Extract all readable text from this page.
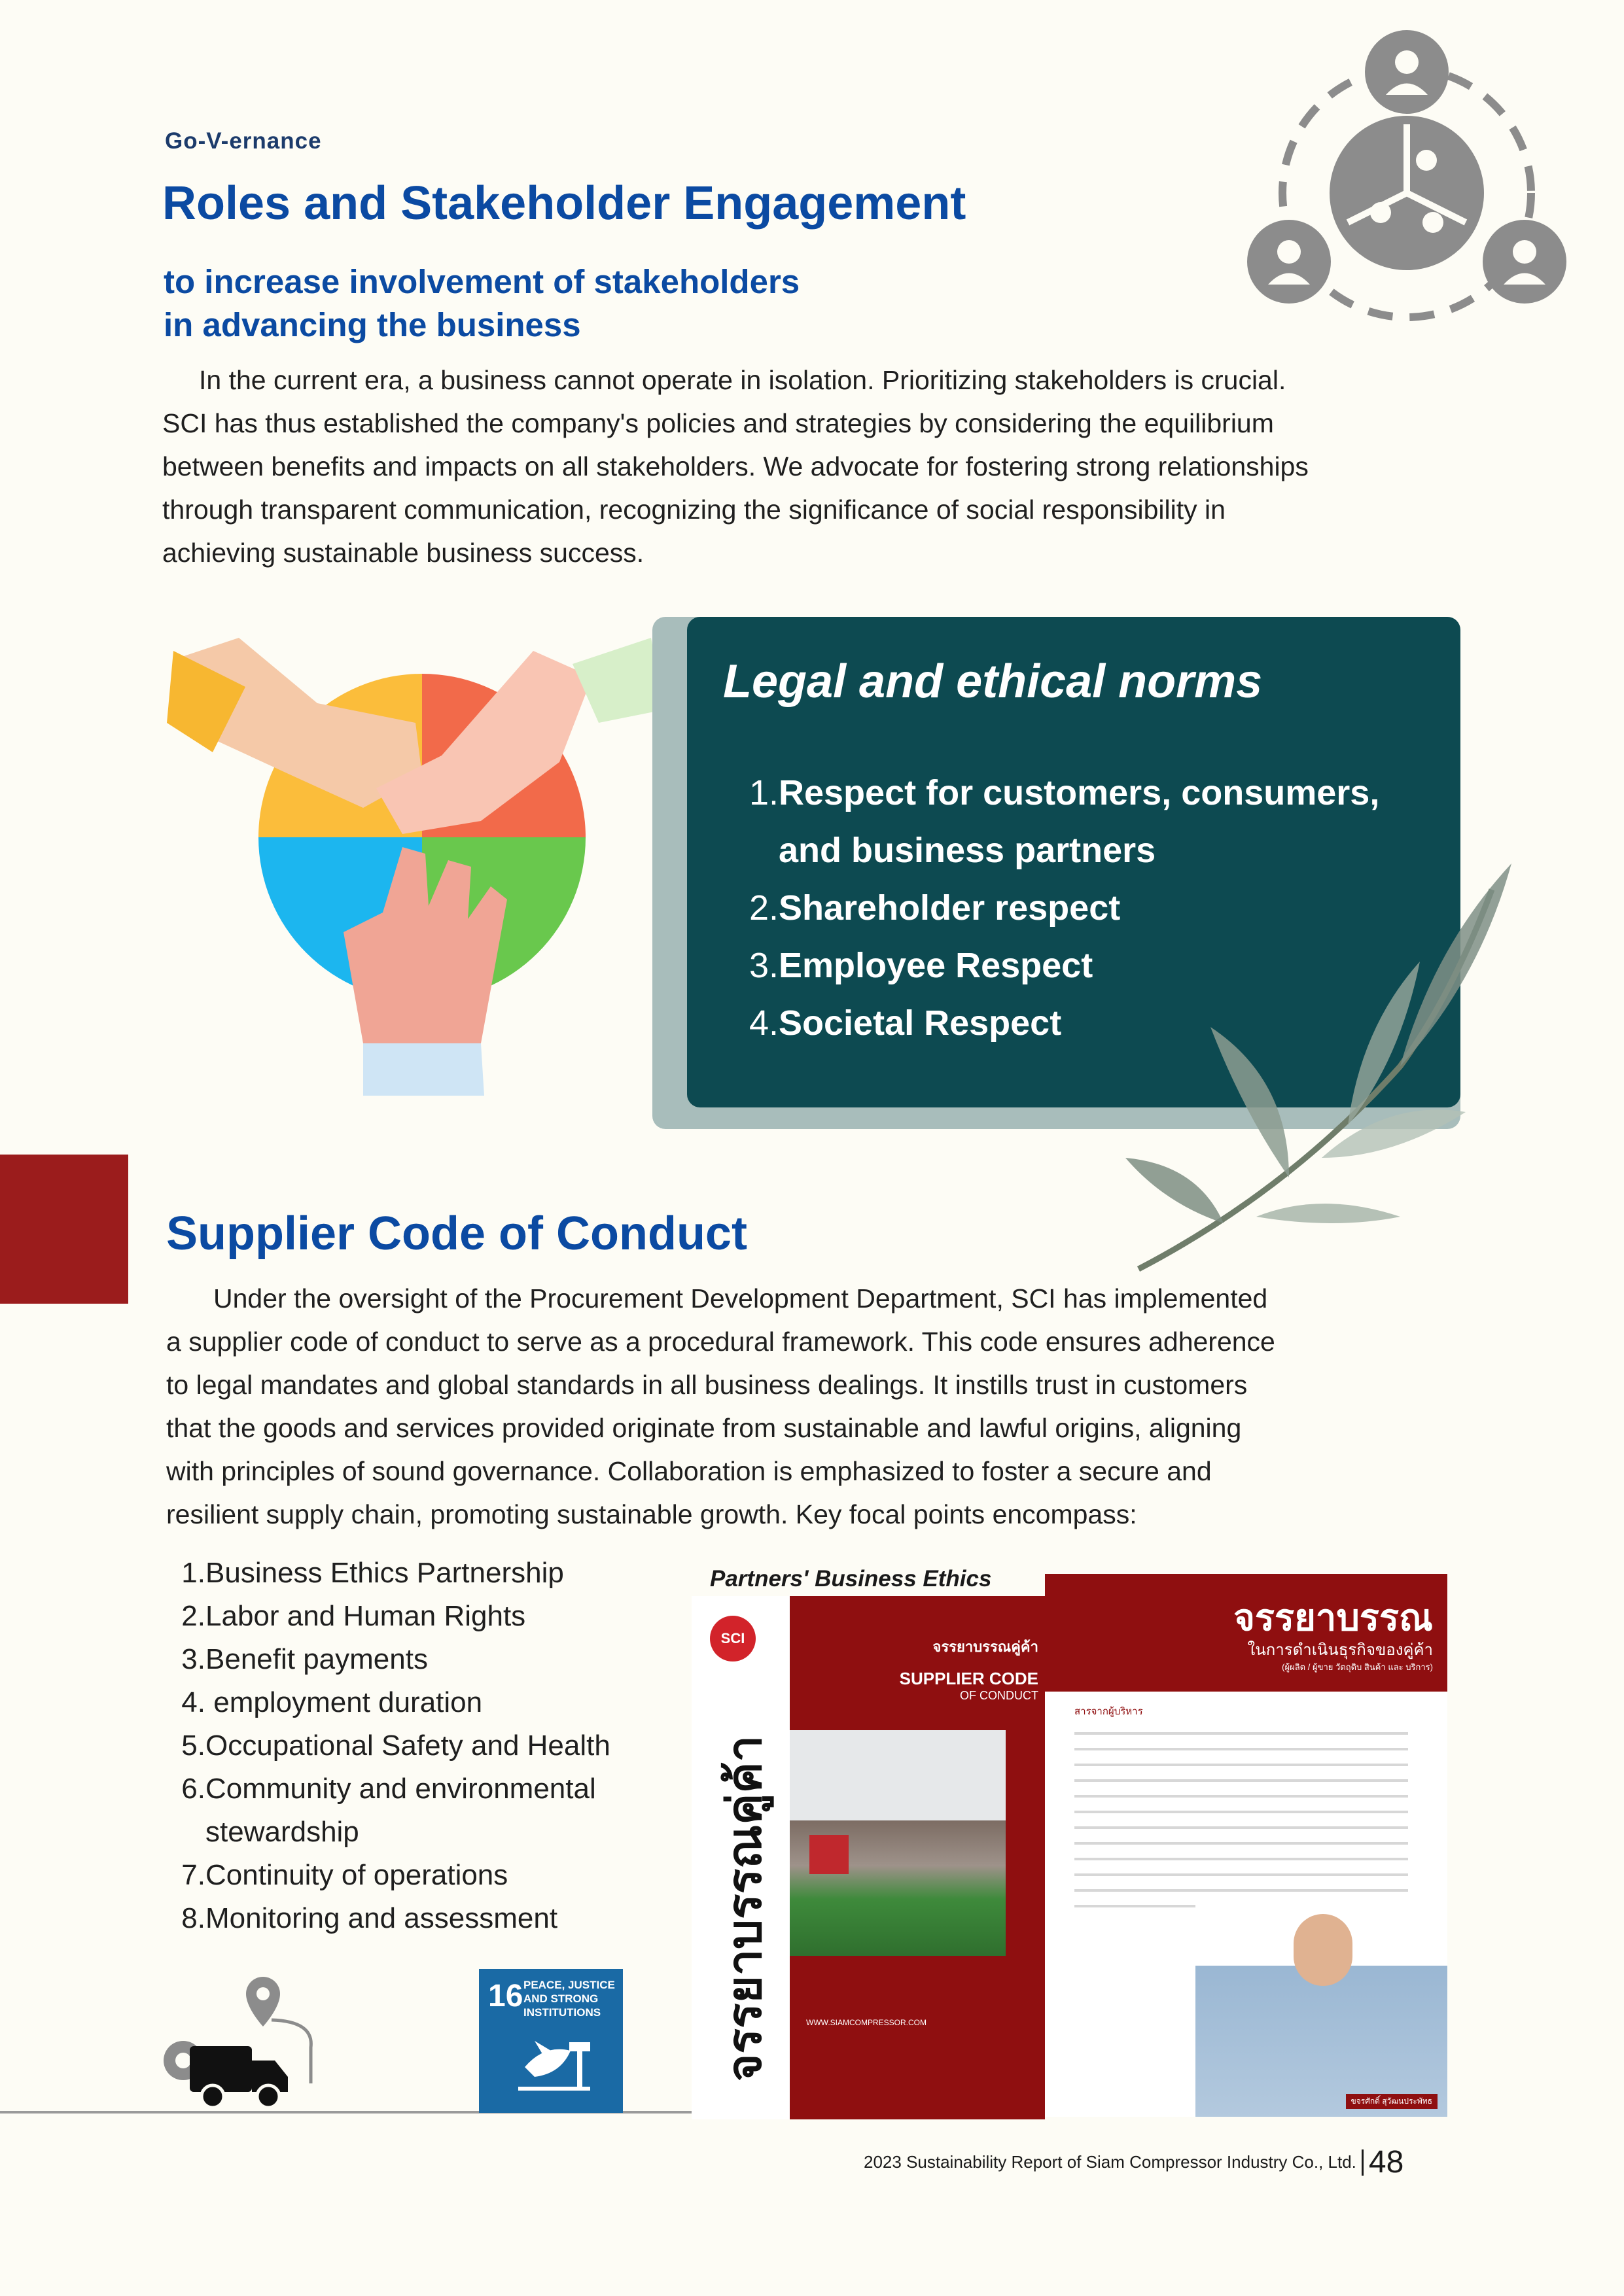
Go-V-ernance
Roles and Stakeholder Engagement
to increase involvement of stakeholders
in advancing the business

In the current era, a business cannot operate in isolation. Prioritizing stakeholders is crucial.

SCI has thus established the company's policies and strategies by considering the equilibrium

between benefits and impacts on all stakeholders. We advocate for fostering strong relationships

through transparent communication, recognizing the significance of social responsibility in

achieving sustainable business success.

Legal and ethical norms
1. Respect for customers, consumers,
and business partners
2. Shareholder respect
3. Employee Respect
4. Societal Respect
Supplier Code of Conduct

Under the oversight of the Procurement Development Department, SCI has implemented

a supplier code of conduct to serve as a procedural framework. This code ensures adherence

to legal mandates and global standards in all business dealings. It instills trust in customers

that the goods and services provided originate from sustainable and lawful origins, aligning

with principles of sound governance. Collaboration is emphasized to foster a secure and

resilient supply chain, promoting sustainable growth. Key focal points encompass:

1. Business Ethics Partnership
2. Labor and Human Rights
3. Benefit payments
4. employment duration
5. Occupational Safety and Health
6. Community and environmental
stewardship
7. Continuity of operations
8. Monitoring and assessment
16 PEACE, JUSTICE
AND STRONG
INSTITUTIONS
Partners' Business Ethics
SCI
จรรยาบรรณคู่ค้า
จรรยาบรรณคู่ค้า
SUPPLIER CODE
OF CONDUCT
WWW.SIAMCOMPRESSOR.COM
จรรยาบรรณ
ในการดำเนินธุรกิจของคู่ค้า
(ผู้ผลิต / ผู้ขาย วัตถุดิบ สินค้า และ บริการ)
สารจากผู้บริหาร
ขจรศักดิ์ สุวัฒนประพัทธ
2023 Sustainability Report of Siam Compressor Industry Co., Ltd. 48
